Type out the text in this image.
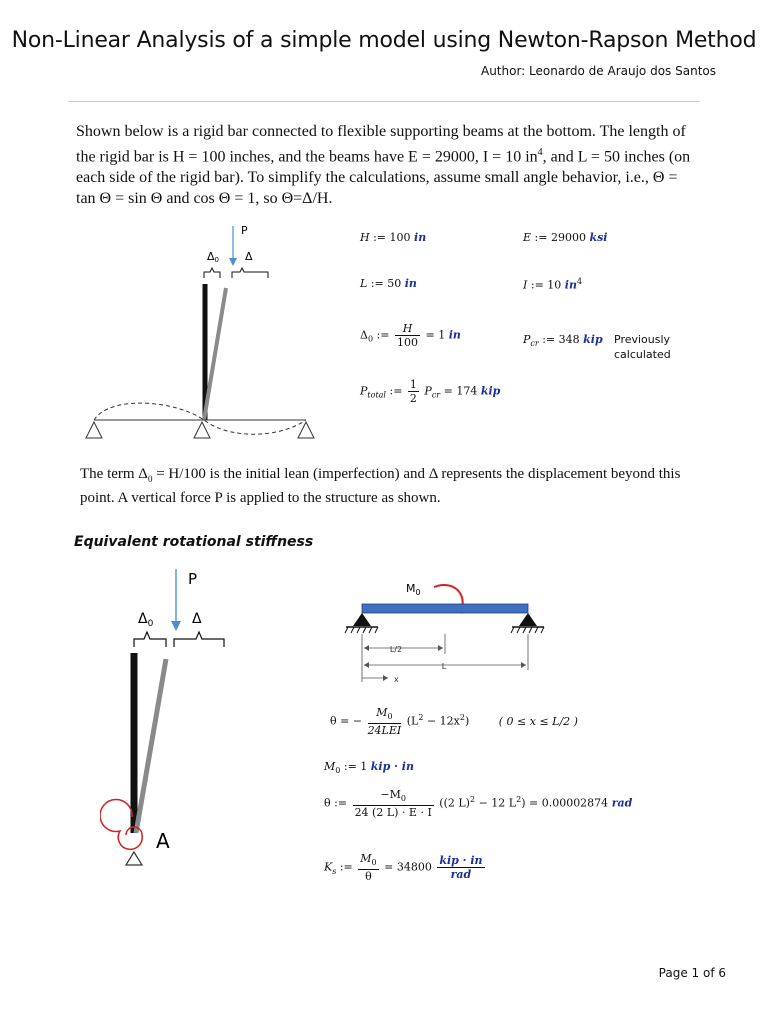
Non-Linear Analysis of a simple model using Newton-Rapson Method
Author: Leonardo de Araujo dos Santos
Shown below is a rigid bar connected to flexible supporting beams at the bottom. The length of the rigid bar is H = 100 inches, and the beams have E = 29000, I = 10 $in^4$, and L = 50 inches (on each side of the rigid bar). To simplify the calculations, assume small angle behavior, i.e., Θ = tan Θ = sin Θ and cos Θ = 1, so Θ=Δ/H.
P
Δ0 Δ
H := 100 in	E := 29000 ksi
L := 50 in	I := 10 $in^4$
$\Delta_0$ := $\frac{H}{100} = 1$ in	$P_{cr}$ := 348 kip Previously calculated
$P_{total}$ := $\frac{1}{2} P_{cr} = 174$ kip
The term $\Delta_0 = H/100$ is the initial lean (imperfection) and Δ represents the displacement beyond this point. A vertical force P is applied to the structure as shown.
Equivalent rotational stiffness
P
$\Delta_0$	Δ
A
$M_0$
L/2
L
x
θ = − $\frac{M_0}{\text{24LEI}} (L^2 - 12x^2)$	( 0 ≤ x ≤ L/2 )
$M_0$ := 1 kip · in
θ := $\frac{-M_0}{24 (2 L) \cdot E \cdot I} ((2$ L)$^2$ − 12 $L^2) = 0.00002874$ rad
$K_s$ := $\frac{M_0}{\theta} = 34800 \frac{\text{kip · in}}{\text{rad}}$
Page 1 of 6
